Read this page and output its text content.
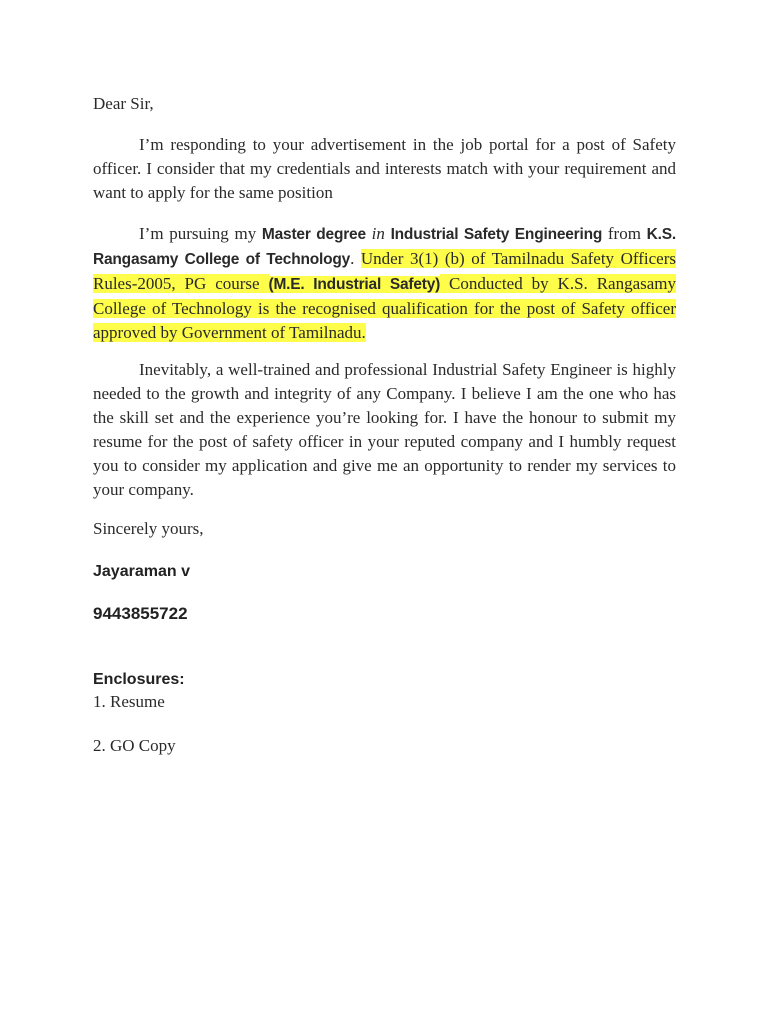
Dear Sir,

I’m responding to your advertisement in the job portal for a post of Safety officer. I consider that my credentials and interests match with your requirement and want to apply for the same position

I’m pursuing my Master degree in Industrial Safety Engineering from K.S. Rangasamy College of Technology. Under 3(1) (b) of Tamilnadu Safety Officers Rules-2005, PG course (M.E. Industrial Safety) Conducted by K.S. Rangasamy College of Technology is the recognised qualification for the post of Safety officer approved by Government of Tamilnadu.

Inevitably, a well-trained and professional Industrial Safety Engineer is highly needed to the growth and integrity of any Company. I believe I am the one who has the skill set and the experience you’re looking for. I have the honour to submit my resume for the post of safety officer in your reputed company and I humbly request you to consider my application and give me an opportunity to render my services to your company.

Sincerely yours,

Jayaraman v

9443855722

Enclosures:

1. Resume

2. GO Copy
